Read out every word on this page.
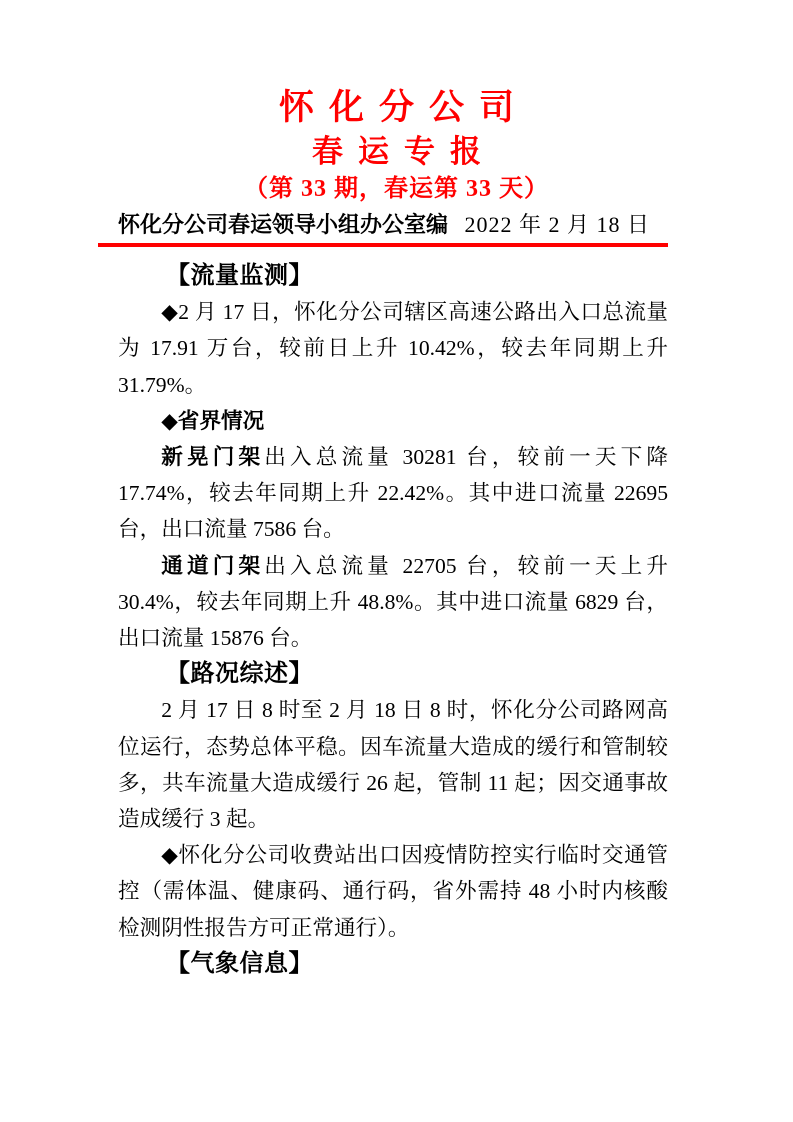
怀化分公司
春运专报
（第 33 期，春运第 33 天）
怀化分公司春运领导小组办公室编 2022 年 2 月 18 日

【流量监测】

◆2 月 17 日，怀化分公司辖区高速公路出入口总流量为 17.91 万台，较前日上升 10.42%，较去年同期上升 31.79%。

◆省界情况

新晃门架出入总流量 30281 台，较前一天下降 17.74%，较去年同期上升 22.42%。其中进口流量 22695 台，出口流量 7586 台。

通道门架出入总流量 22705 台，较前一天上升 30.4%，较去年同期上升 48.8%。其中进口流量 6829 台，出口流量 15876 台。

【路况综述】

2 月 17 日 8 时至 2 月 18 日 8 时，怀化分公司路网高位运行，态势总体平稳。因车流量大造成的缓行和管制较多，共车流量大造成缓行 26 起，管制 11 起；因交通事故造成缓行 3 起。

◆怀化分公司收费站出口因疫情防控实行临时交通管控（需体温、健康码、通行码，省外需持 48 小时内核酸检测阴性报告方可正常通行）。

【气象信息】
